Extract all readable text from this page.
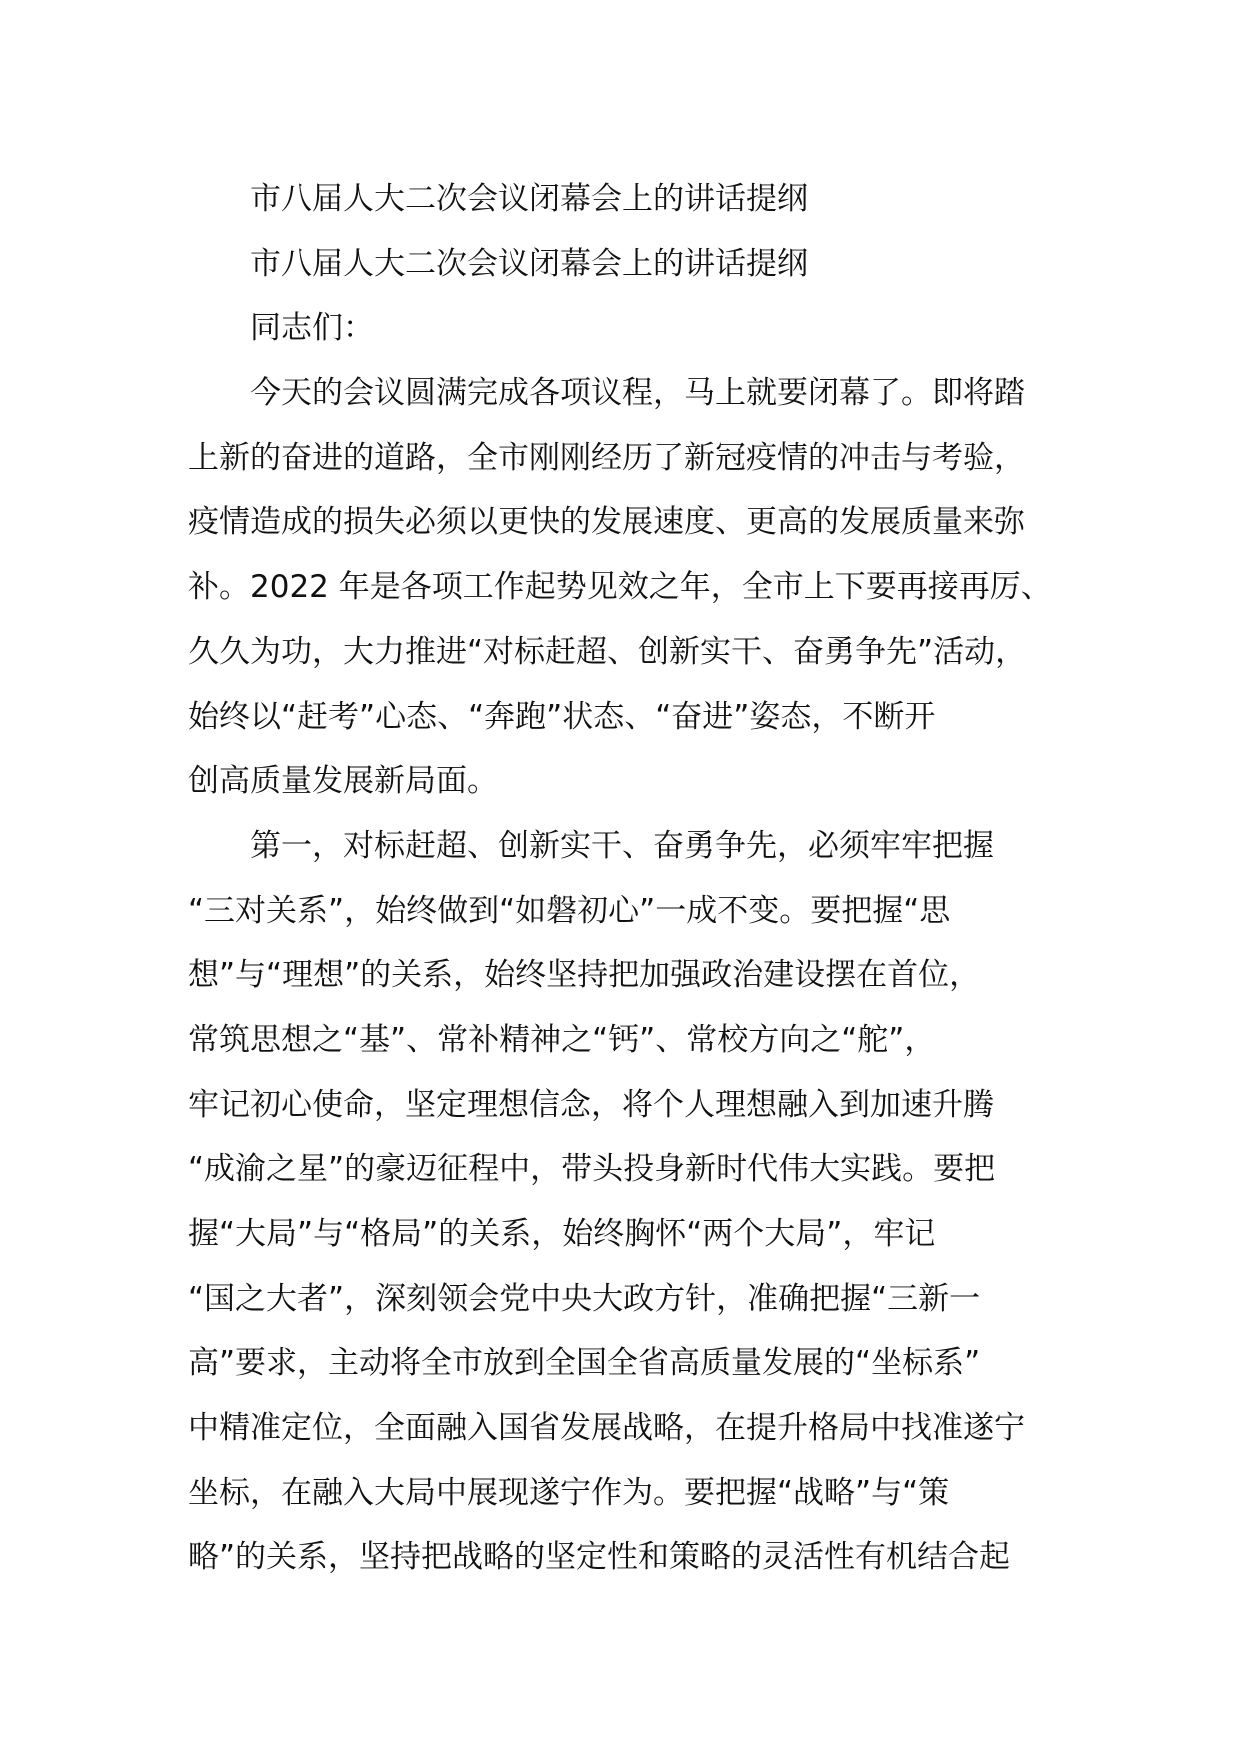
市八届人大二次会议闭幕会上的讲话提纲
市八届人大二次会议闭幕会上的讲话提纲
同志们：
今天的会议圆满完成各项议程，马上就要闭幕了。即将踏
上新的奋进的道路，全市刚刚经历了新冠疫情的冲击与考验，
疫情造成的损失必须以更快的发展速度、更高的发展质量来弥
补。2022 年是各项工作起势见效之年，全市上下要再接再厉、
久久为功，大力推进“对标赶超、创新实干、奋勇争先”活动，
始终以“赶考”心态、“奔跑”状态、“奋进”姿态，不断开
创高质量发展新局面。
第一，对标赶超、创新实干、奋勇争先，必须牢牢把握
“三对关系”，始终做到“如磐初心”一成不变。要把握“思
想”与“理想”的关系，始终坚持把加强政治建设摆在首位，
常筑思想之“基”、常补精神之“钙”、常校方向之“舵”，
牢记初心使命，坚定理想信念，将个人理想融入到加速升腾
“成渝之星”的豪迈征程中，带头投身新时代伟大实践。要把
握“大局”与“格局”的关系，始终胸怀“两个大局”，牢记
“国之大者”，深刻领会党中央大政方针，准确把握“三新一
高”要求，主动将全市放到全国全省高质量发展的“坐标系”
中精准定位，全面融入国省发展战略，在提升格局中找准遂宁
坐标，在融入大局中展现遂宁作为。要把握“战略”与“策
略”的关系，坚持把战略的坚定性和策略的灵活性有机结合起
